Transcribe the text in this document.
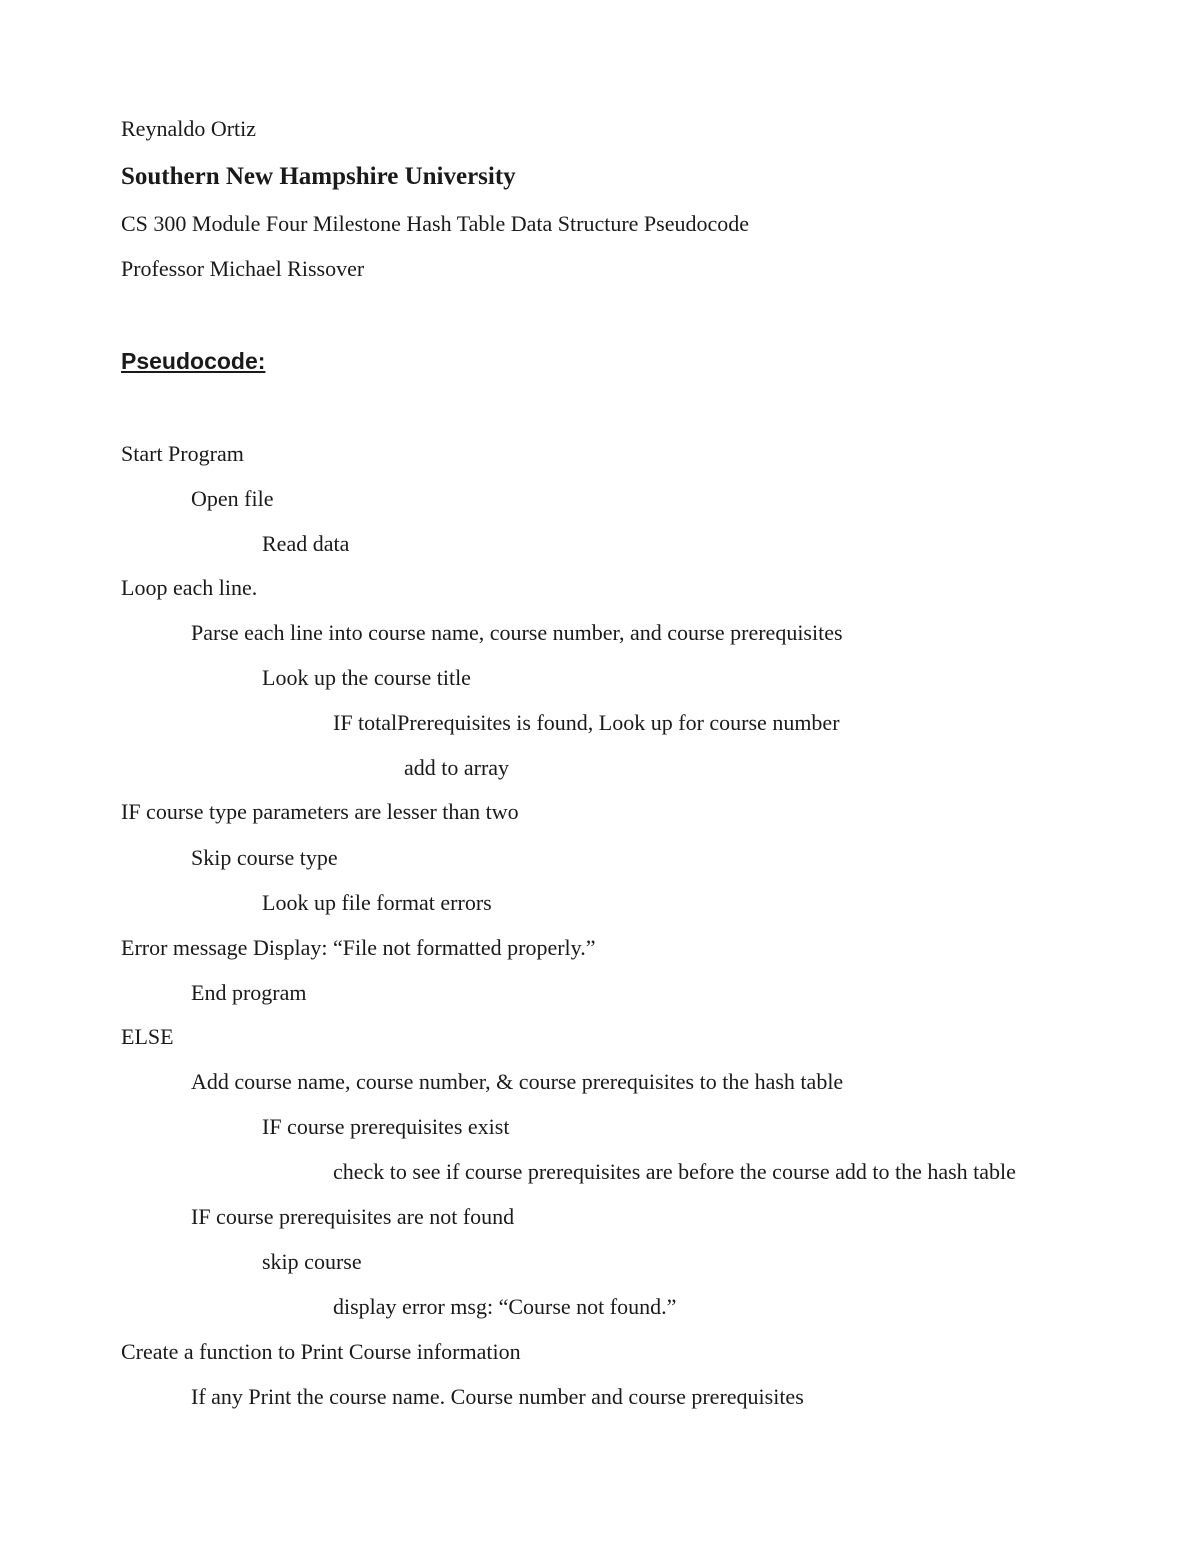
Reynaldo Ortiz
Southern New Hampshire University
CS 300 Module Four Milestone Hash Table Data Structure Pseudocode
Professor Michael Rissover
Pseudocode:
Start Program
Open file
Read data
Loop each line.
Parse each line into course name, course number, and course prerequisites
Look up the course title
IF totalPrerequisites is found, Look up for course number
add to array
IF course type parameters are lesser than two
Skip course type
Look up file format errors
Error message Display: “File not formatted properly.”
End program
ELSE
Add course name, course number, & course prerequisites to the hash table
IF course prerequisites exist
check to see if course prerequisites are before the course add to the hash table
IF course prerequisites are not found
skip course
display error msg: “Course not found.”
Create a function to Print Course information
If any Print the course name. Course number and course prerequisites
